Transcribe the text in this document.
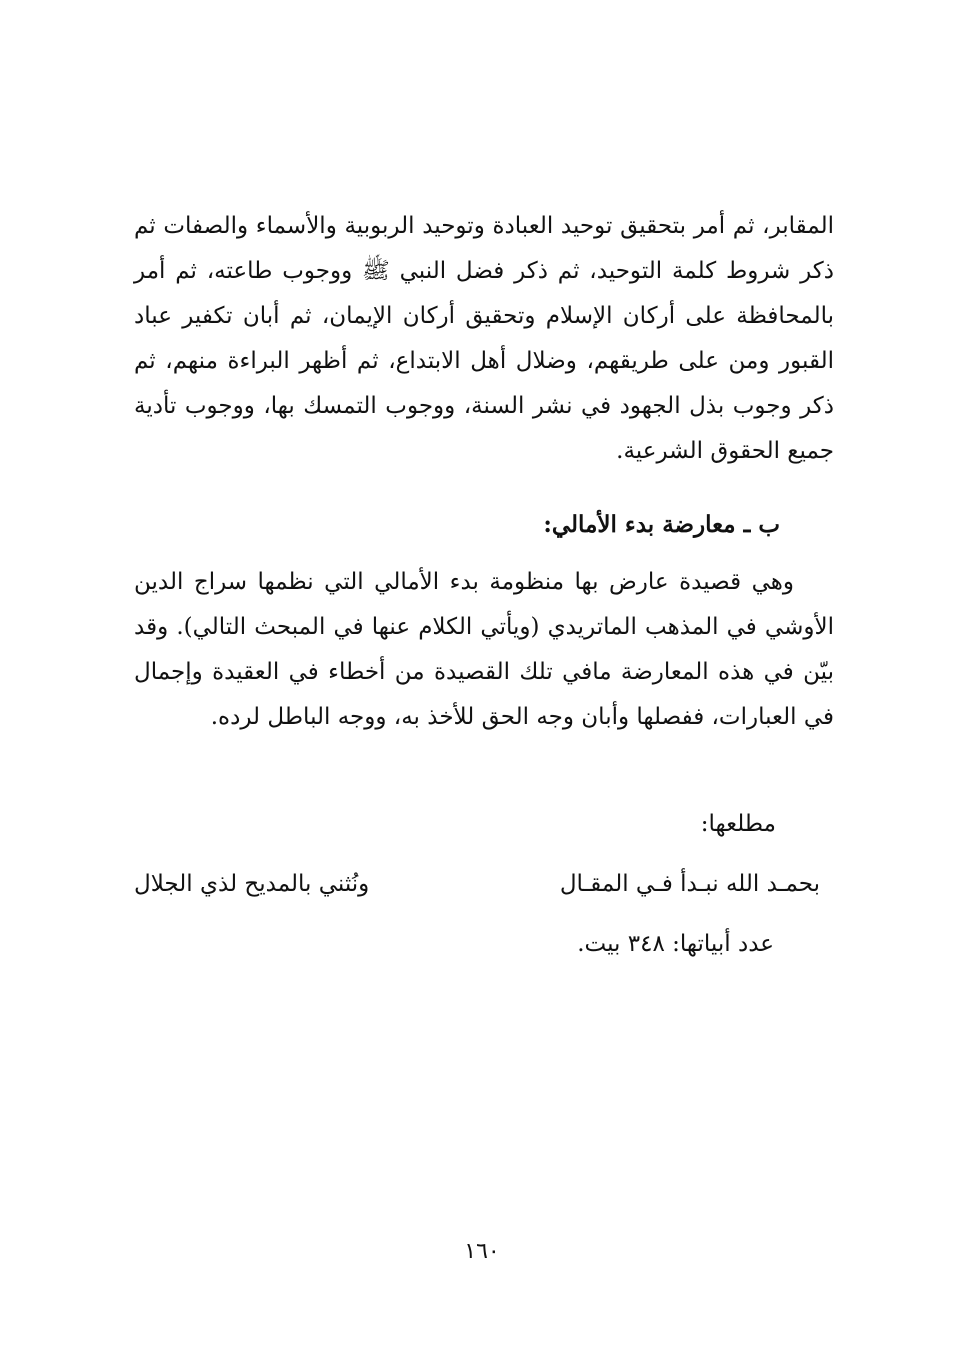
المقابر، ثم أمر بتحقيق توحيد العبادة وتوحيد الربوبية والأسماء والصفات ثم ذكر شروط كلمة التوحيد، ثم ذكر فضل النبي ﷺ ووجوب طاعته، ثم أمر بالمحافظة على أركان الإسلام وتحقيق أركان الإيمان، ثم أبان تكفير عباد القبور ومن على طريقهم، وضلال أهل الابتداع، ثم أظهر البراءة منهم، ثم ذكر وجوب بذل الجهود في نشر السنة، ووجوب التمسك بها، ووجوب تأدية جميع الحقوق الشرعية.

ب ـ معارضة بدء الأمالي:

وهي قصيدة عارض بها منظومة بدء الأمالي التي نظمها سراج الدين الأوشي في المذهب الماتريدي (ويأتي الكلام عنها في المبحث التالي). وقد بيّن في هذه المعارضة مافي تلك القصيدة من أخطاء في العقيدة وإجمال في العبارات، ففصلها وأبان وجه الحق للأخذ به، ووجه الباطل لرده.

مطلعها:
بحمـد الله نبـدأ فـي المقـال
ونُثني بالمديح لذي الجلال
عدد أبياتها: ٣٤٨ بيت.
١٦٠
